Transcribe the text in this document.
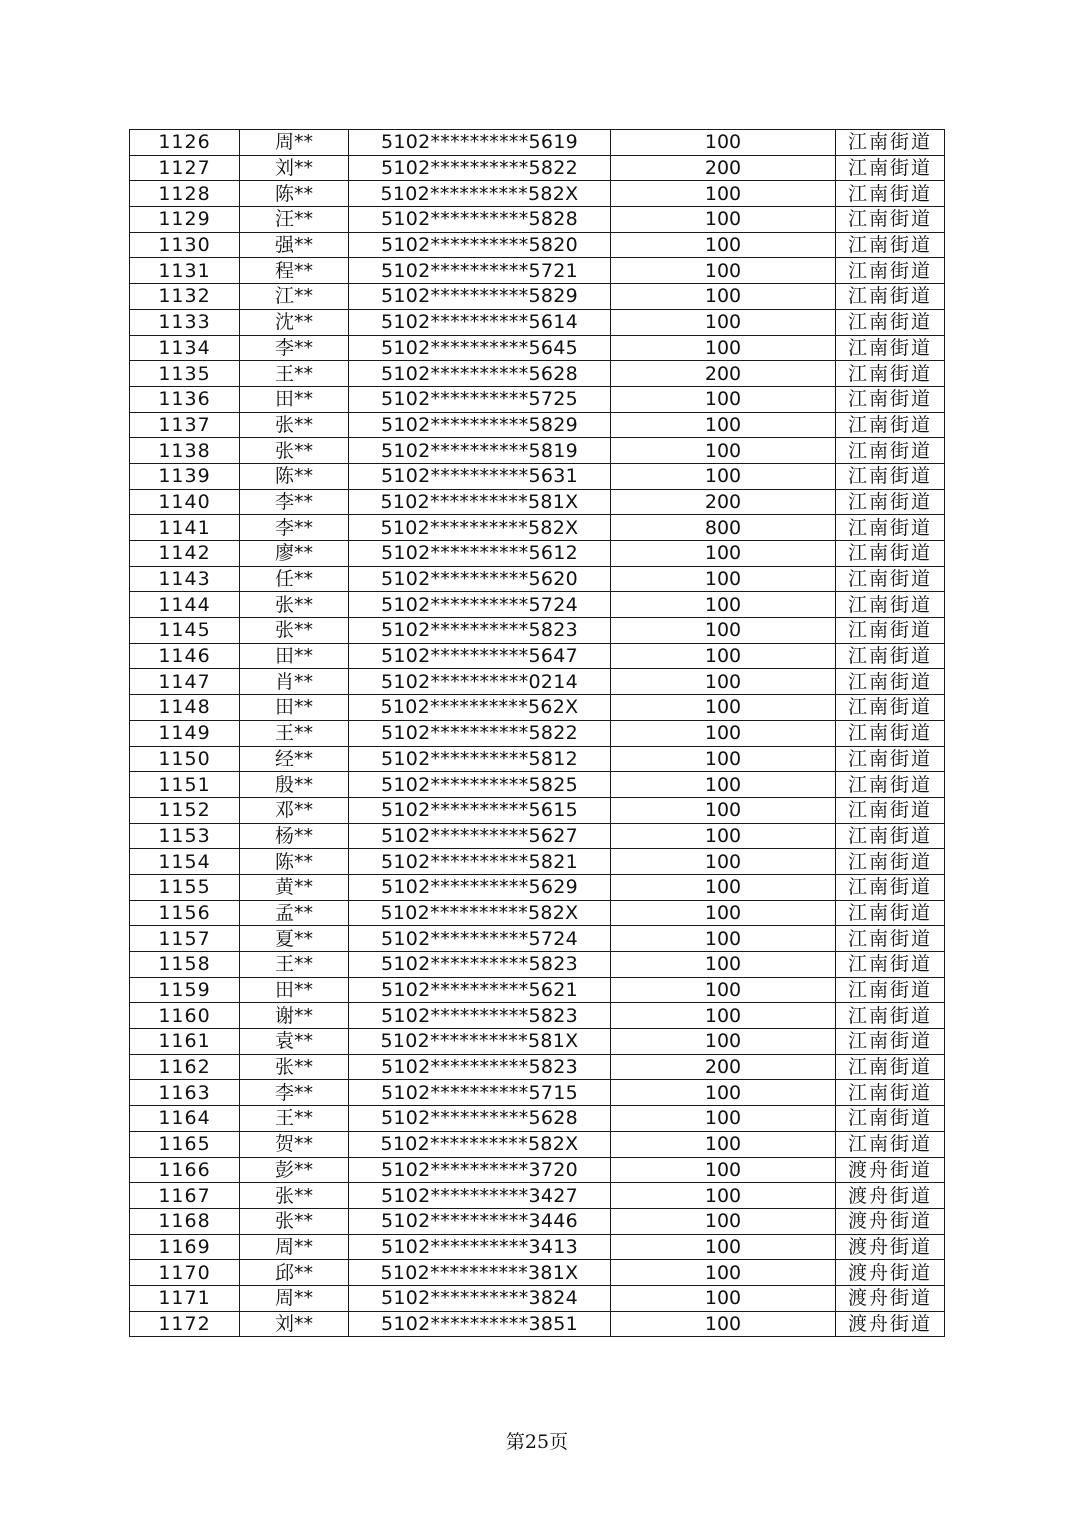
1126	周**	5102**********5619	100	江南街道
1127	刘**	5102**********5822	200	江南街道
1128	陈**	5102**********582X	100	江南街道
1129	汪**	5102**********5828	100	江南街道
1130	强**	5102**********5820	100	江南街道
1131	程**	5102**********5721	100	江南街道
1132	江**	5102**********5829	100	江南街道
1133	沈**	5102**********5614	100	江南街道
1134	李**	5102**********5645	100	江南街道
1135	王**	5102**********5628	200	江南街道
1136	田**	5102**********5725	100	江南街道
1137	张**	5102**********5829	100	江南街道
1138	张**	5102**********5819	100	江南街道
1139	陈**	5102**********5631	100	江南街道
1140	李**	5102**********581X	200	江南街道
1141	李**	5102**********582X	800	江南街道
1142	廖**	5102**********5612	100	江南街道
1143	任**	5102**********5620	100	江南街道
1144	张**	5102**********5724	100	江南街道
1145	张**	5102**********5823	100	江南街道
1146	田**	5102**********5647	100	江南街道
1147	肖**	5102**********0214	100	江南街道
1148	田**	5102**********562X	100	江南街道
1149	王**	5102**********5822	100	江南街道
1150	经**	5102**********5812	100	江南街道
1151	殷**	5102**********5825	100	江南街道
1152	邓**	5102**********5615	100	江南街道
1153	杨**	5102**********5627	100	江南街道
1154	陈**	5102**********5821	100	江南街道
1155	黄**	5102**********5629	100	江南街道
1156	孟**	5102**********582X	100	江南街道
1157	夏**	5102**********5724	100	江南街道
1158	王**	5102**********5823	100	江南街道
1159	田**	5102**********5621	100	江南街道
1160	谢**	5102**********5823	100	江南街道
1161	袁**	5102**********581X	100	江南街道
1162	张**	5102**********5823	200	江南街道
1163	李**	5102**********5715	100	江南街道
1164	王**	5102**********5628	100	江南街道
1165	贺**	5102**********582X	100	江南街道
1166	彭**	5102**********3720	100	渡舟街道
1167	张**	5102**********3427	100	渡舟街道
1168	张**	5102**********3446	100	渡舟街道
1169	周**	5102**********3413	100	渡舟街道
1170	邱**	5102**********381X	100	渡舟街道
1171	周**	5102**********3824	100	渡舟街道
1172	刘**	5102**********3851	100	渡舟街道
第25页
